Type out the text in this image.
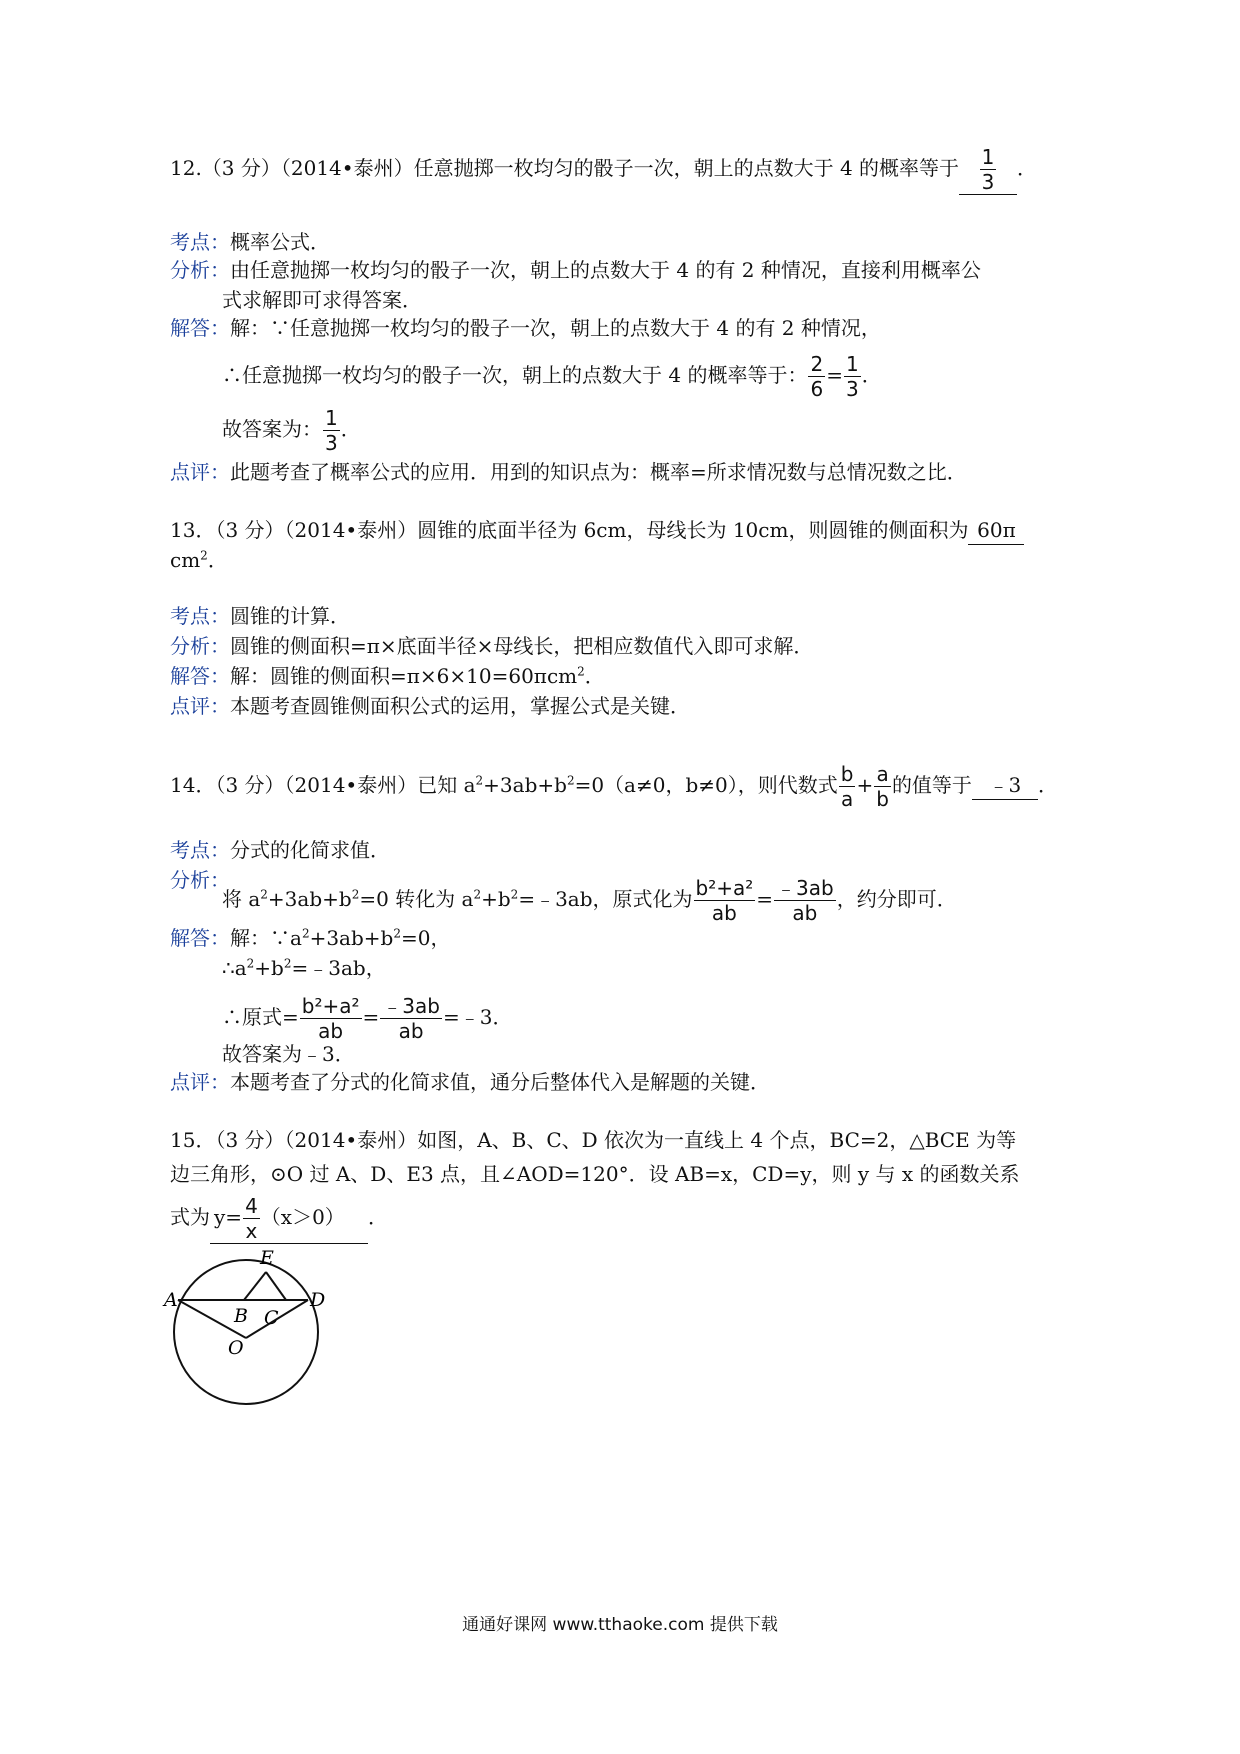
12.（3 分）（2014•泰州）任意抛掷一枚均匀的骰子一次，朝上的点数大于 4 的概率等于 $\frac{1}{3}$ ．
考点：概率公式．
分析：由任意抛掷一枚均匀的骰子一次，朝上的点数大于 4 的有 2 种情况，直接利用概率公
式求解即可求得答案．
解答：解：∵任意抛掷一枚均匀的骰子一次，朝上的点数大于 4 的有 2 种情况，
∴任意抛掷一枚均匀的骰子一次，朝上的点数大于 4 的概率等于： $\frac{2}{6} = \frac{1}{3}$ ．
故答案为： $\frac{1}{3}$ ．
点评：此题考查了概率公式的应用．用到的知识点为：概率=所求情况数与总情况数之比．
13．（3 分）（2014•泰州）圆锥的底面半径为 6cm，母线长为 10cm，则圆锥的侧面积为 60π
$cm^2$．
考点：圆锥的计算．
分析：圆锥的侧面积=π×底面半径×母线长，把相应数值代入即可求解．
解答：解：圆锥的侧面积=π×6×10=60πcm$^2$．
点评：本题考查圆锥侧面积公式的运用，掌握公式是关键．
14．（3 分）（2014•泰州）已知 $a^2+3ab+b^2=0(a\ne 0$，b≠0），则代数式 $\frac{b}{a} + \frac{a}{b}$ 的值等于 ﹣3 ．
考点：分式的化简求值．
分析：
将 $a^2+3ab+b^2=0$ 转化为 $a^2+b^2=﹣3ab$，原式化为 $\frac{\text{b²+a²}}{ab} = \frac{﹣3ab}{ab}$ ，约分即可．
解答：解：$\because a^2+3ab+b^2=0$，
$\therefore a^2+b^2=﹣3ab$，
∴原式= $\frac{\text{b²+a²}}{ab} = \frac{﹣3ab}{ab}$ =﹣3．
故答案为﹣3．
点评：本题考查了分式的化简求值，通分后整体代入是解题的关键．
15．（3 分）（2014•泰州）如图，A、B、C、D 依次为一直线上 4 个点，BC=2，△BCE 为等
边三角形，⊙O 过 A、D、E3 点，且∠AOD=120°．设 AB=x，CD=y，则 y 与 x 的函数关系
式为 $y= \frac{4}{x} (x>0)$ ．
E
A	D
B C
O
通通好课网 www.tthaoke.com 提供下载
